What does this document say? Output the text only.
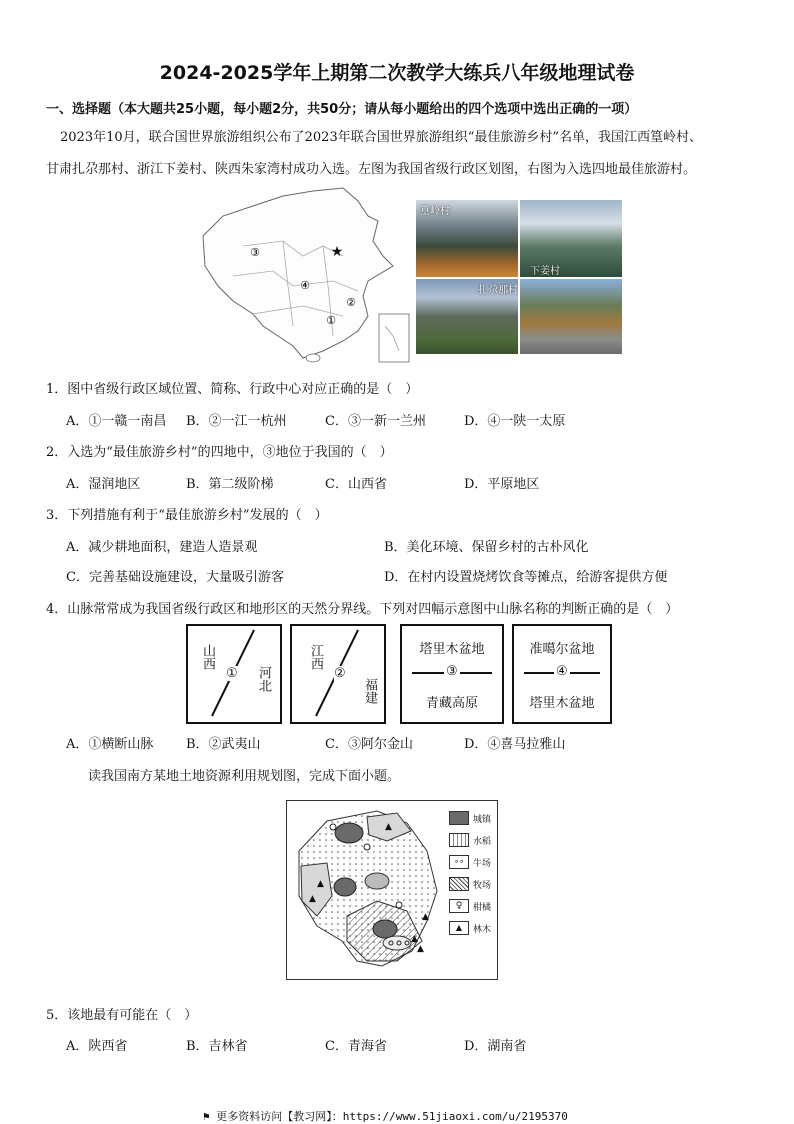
2024-2025学年上期第二次教学大练兵八年级地理试卷
一、选择题（本大题共25小题，每小题2分，共50分；请从每小题给出的四个选项中选出正确的一项）
2023年10月，联合国世界旅游组织公布了2023年联合国世界旅游组织“最佳旅游乡村”名单，我国江西篁岭村、
甘肃扎尕那村、浙江下姜村、陕西朱家湾村成功入选。左图为我国省级行政区划图，右图为入选四地最佳旅游村。
★
③
④
②
①
篁岭村
下姜村
扎尕那村
1．图中省级行政区域位置、简称、行政中心对应正确的是（　）
A．①一赣一南昌 B．②一江一杭州	C．③一新一兰州	D．④一陕一太原
2．入选为“最佳旅游乡村”的四地中，③地位于我国的（　）
A．湿润地区	B．第二级阶梯	C．山西省	D．平原地区
3．下列措施有利于“最佳旅游乡村”发展的（　）
A．减少耕地面积，建造人造景观	B．美化环境、保留乡村的古朴风化
C．完善基础设施建设，大量吸引游客	D．在村内设置烧烤饮食等摊点，给游客提供方便
4．山脉常常成为我国省级行政区和地形区的天然分界线。下列对四幅示意图中山脉名称的判断正确的是（　）
山西
① 河北
江西
②
福建
塔里木盆地
③
青藏高原
准噶尔盆地
④
塔里木盆地
A．①横断山脉	B．②武夷山	C．③阿尔金山	D．④喜马拉雅山
读我国南方某地土地资源利用规划图，完成下面小题。
▲
▲
▲
▲
▲
▲
城镇
水稻
∘∘	牛场
牧场
♀	柑橘
▲	林木
5．该地最有可能在（　）
A．陕西省	B．吉林省	C．青海省	D．湖南省
⚑ 更多资料访问【教习网】：https://www.51jiaoxi.com/u/2195370
